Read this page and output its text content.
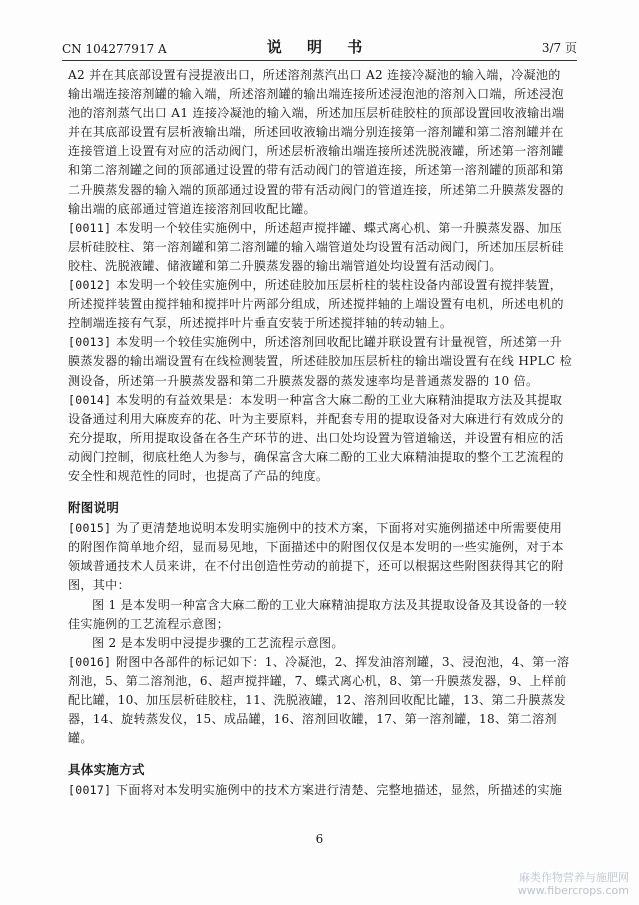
CN 104277917 A	说 明 书	3/7 页

A2 并在其底部设置有浸提液出口，所述溶剂蒸汽出口 A2 连接冷凝池的输入端，冷凝池的输出端连接溶剂罐的输入端，所述溶剂罐的输出端连接所述浸泡池的溶剂入口端，所述浸泡池的溶剂蒸气出口 A1 连接冷凝池的输入端，所述加压层析硅胶柱的顶部设置回收液输出端并在其底部设置有层析液输出端，所述回收液输出端分别连接第一溶剂罐和第二溶剂罐并在连接管道上设置有对应的活动阀门，所述层析液输出端连接所述洗脱液罐，所述第一溶剂罐和第二溶剂罐之间的顶部通过设置的带有活动阀门的管道连接，所述第一溶剂罐的顶部和第二升膜蒸发器的输入端的顶部通过设置的带有活动阀门的管道连接，所述第二升膜蒸发器的输出端的底部通过管道连接溶剂回收配比罐。

[0011] 本发明一个较佳实施例中，所述超声搅拌罐、蝶式离心机、第一升膜蒸发器、加压层析硅胶柱、第一溶剂罐和第二溶剂罐的输入端管道处均设置有活动阀门，所述加压层析硅胶柱、洗脱液罐、储液罐和第二升膜蒸发器的输出端管道处均设置有活动阀门。

[0012] 本发明一个较佳实施例中，所述硅胶加压层析柱的装柱设备内部设置有搅拌装置，所述搅拌装置由搅拌轴和搅拌叶片两部分组成，所述搅拌轴的上端设置有电机，所述电机的控制端连接有气泵，所述搅拌叶片垂直安装于所述搅拌轴的转动轴上。

[0013] 本发明一个较佳实施例中，所述溶剂回收配比罐并联设置有计量视管，所述第一升膜蒸发器的输出端设置有在线检测装置，所述硅胶加压层析柱的输出端设置有在线 HPLC 检测设备，所述第一升膜蒸发器和第二升膜蒸发器的蒸发速率均是普通蒸发器的 10 倍。

[0014] 本发明的有益效果是：本发明一种富含大麻二酚的工业大麻精油提取方法及其提取设备通过利用大麻废弃的花、叶为主要原料，并配套专用的提取设备对大麻进行有效成分的充分提取，所用提取设备在各生产环节的进、出口处均设置为管道输送，并设置有相应的活动阀门控制，彻底杜绝人为参与，确保富含大麻二酚的工业大麻精油提取的整个工艺流程的安全性和规范性的同时，也提高了产品的纯度。

附图说明

[0015] 为了更清楚地说明本发明实施例中的技术方案，下面将对实施例描述中所需要使用的附图作简单地介绍，显而易见地，下面描述中的附图仅仅是本发明的一些实施例，对于本领域普通技术人员来讲，在不付出创造性劳动的前提下，还可以根据这些附图获得其它的附图，其中：

图 1 是本发明一种富含大麻二酚的工业大麻精油提取方法及其提取设备及其设备的一较佳实施例的工艺流程示意图；

图 2 是本发明中浸提步骤的工艺流程示意图。

[0016] 附图中各部件的标记如下：1、冷凝池，2、挥发油溶剂罐，3、浸泡池，4、第一溶剂池，5、第二溶剂池，6、超声搅拌罐，7、蝶式离心机，8、第一升膜蒸发器，9、上样前配比罐，10、加压层析硅胶柱，11、洗脱液罐，12、溶剂回收配比罐，13、第二升膜蒸发器，14、旋转蒸发仪，15、成品罐，16、溶剂回收罐，17、第一溶剂罐，18、第二溶剂罐。

具体实施方式

[0017] 下面将对本发明实施例中的技术方案进行清楚、完整地描述，显然，所描述的实施

6
麻类作物营养与施肥网
www.fibercrops.com
